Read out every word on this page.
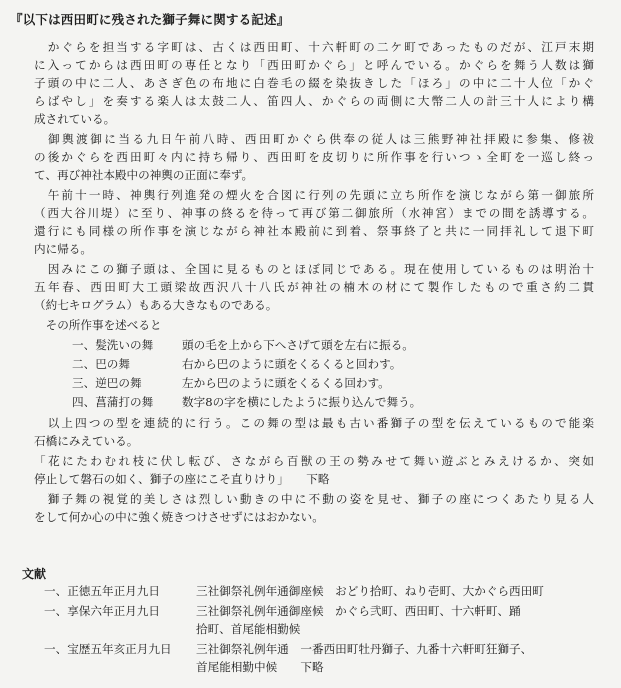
『以下は西田町に残された獅子舞に関する記述』
　かぐらを担当する字町は、古くは西田町、十六軒町の二ケ町であったものだが、江戸末期
に入ってからは西田町の専任となり「西田町かぐら」と呼んでいる。かぐらを舞う人数は獅
子頭の中に二人、あさぎ色の布地に白巻毛の綴を染抜きした「ほろ」の中に二十人位「かぐ
らばやし」を奏する楽人は太鼓二人、笛四人、かぐらの両側に大幣二人の計三十人により構
成されている。
　御輿渡御に当る九日午前八時、西田町かぐら供奉の従人は三熊野神社拝殿に参集、修祓
の後かぐらを西田町々内に持ち帰り、西田町を皮切りに所作事を行いつゝ全町を一巡し終っ
て、再び神社本殿中の神輿の正面に奉ず。
　午前十一時、神輿行列進発の煙火を合図に行列の先頭に立ち所作を演じながら第一御旅所
（西大谷川堤）に至り、神事の終るを待って再び第二御旅所（水神宮）までの間を誘導する。
還行にも同様の所作事を演じながら神社本殿前に到着、祭事終了と共に一同拝礼して退下町
内に帰る。
　因みにこの獅子頭は、全国に見るものとほぼ同じである。現在使用しているものは明治十
五年春、西田町大工頭梁故西沢八十八氏が神社の楠木の材にて製作したもので重さ約二貫
（約七キログラム）もある大きなものである。
　その所作事を述べると
一、髪洗いの舞 頭の毛を上から下へさげて頭を左右に振る。
二、巴の舞	右から巴のように頭をくるくると回わす。
三、逆巴の舞	左から巴のように頭をくるくる回わす。
四、菖蒲打の舞 数字8の字を横にしたように振り込んで舞う。
　以上四つの型を連続的に行う。この舞の型は最も古い番獅子の型を伝えているもので能楽
石橋にみえている。
「花にたわむれ枝に伏し転び、さながら百獣の王の勢みせて舞い遊ぶとみえけるか、突如
停止して磐石の如く、獅子の座にこそ直りけり」　　下略
　獅子舞の視覚的美しさは烈しい動きの中に不動の姿を見せ、獅子の座につくあたり見る人
をして何か心の中に強く焼きつけさせずにはおかない。
文献
一、正徳五年正月九日	三社御祭礼例年通御座候　おどり拾町、ねり壱町、大かぐら西田町
一、享保六年正月九日	三社御祭礼例年通御座候　かぐら弐町、西田町、十六軒町、踊
拾町、首尾能相勤候
一、宝歴五年亥正月九日 三社御祭礼例年通　一番西田町牡丹獅子、九番十六軒町狂獅子、
首尾能相勤中候　　下略
